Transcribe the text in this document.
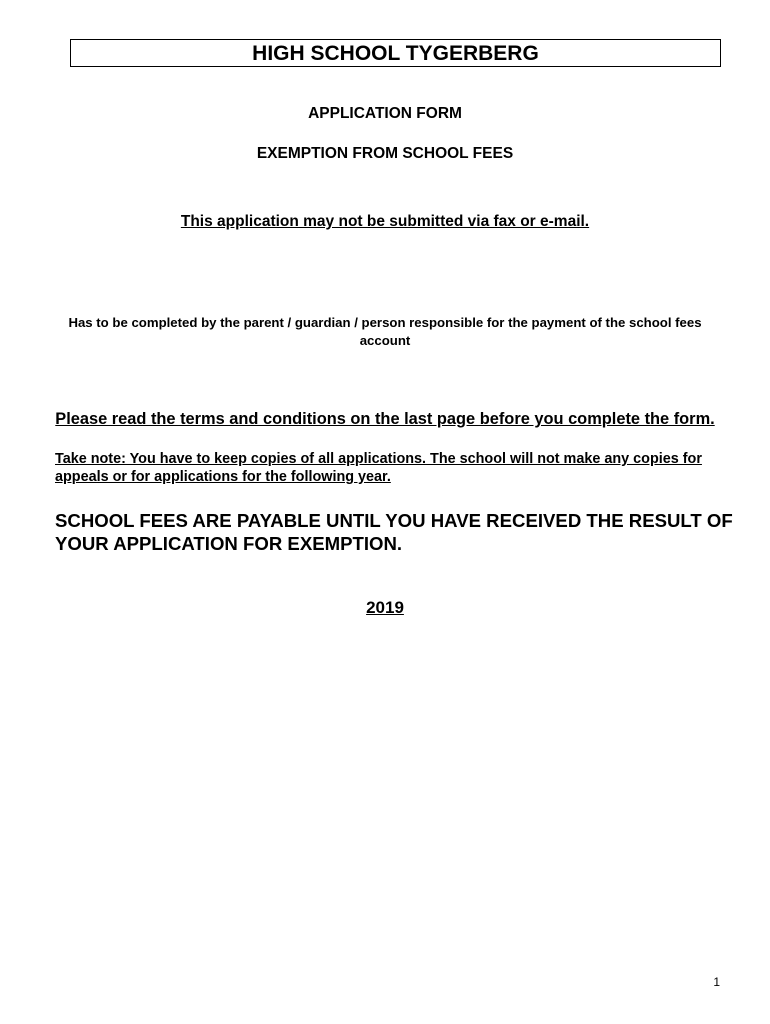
HIGH SCHOOL TYGERBERG
APPLICATION FORM
EXEMPTION FROM SCHOOL FEES
This application may not be submitted via fax or e-mail.
Has to be completed by the parent / guardian / person responsible for the payment of the school fees account
Please read the terms and conditions on the last page before you complete the form.
Take note: You have to keep copies of all applications. The school will not make any copies for appeals or for applications for the following year.
SCHOOL FEES ARE PAYABLE UNTIL YOU HAVE RECEIVED THE RESULT OF YOUR APPLICATION FOR EXEMPTION.
2019
1
